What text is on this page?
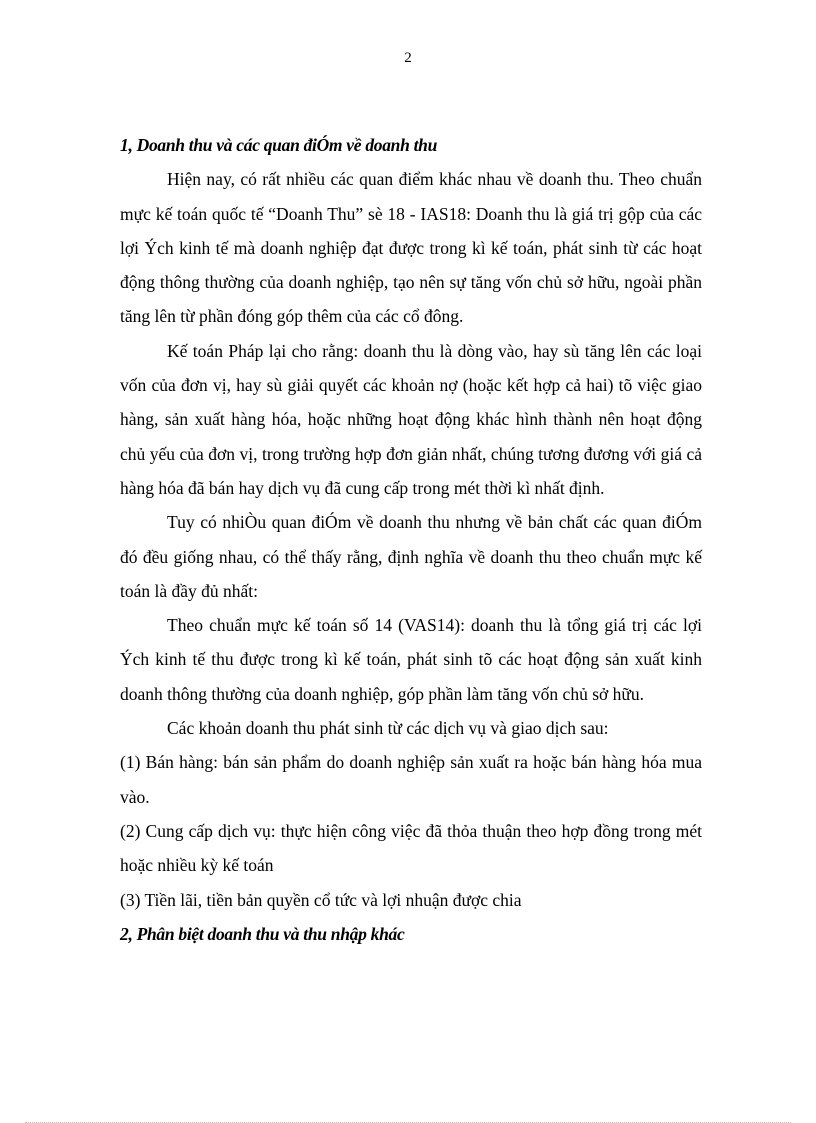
2

1, Doanh thu và các quan điÓm về doanh thu

Hiện nay, có rất nhiều các quan điểm khác nhau về doanh thu. Theo chuẩn mực kế toán quốc tế “Doanh Thu” sè 18 - IAS18: Doanh thu là giá trị gộp của các lợi Ých kinh tế mà doanh nghiệp đạt được trong kì kế toán, phát sinh từ các hoạt động thông thường của doanh nghiệp, tạo nên sự tăng vốn chủ sở hữu, ngoài phần tăng lên từ phần đóng góp thêm của các cổ đông.

Kế toán Pháp lại cho rằng: doanh thu là dòng vào, hay sù tăng lên các loại vốn của đơn vị, hay sù giải quyết các khoản nợ (hoặc kết hợp cả hai) tõ việc giao hàng, sản xuất hàng hóa, hoặc những hoạt động khác hình thành nên hoạt động chủ yếu của đơn vị, trong trường hợp đơn giản nhất, chúng tương đương với giá cả hàng hóa đã bán hay dịch vụ đã cung cấp trong mét thời kì nhất định.

Tuy có nhiÒu quan điÓm về doanh thu nhưng về bản chất các quan điÓm đó đều giống nhau, có thể thấy rằng, định nghĩa về doanh thu theo chuẩn mực kế toán là đầy đủ nhất:

Theo chuẩn mực kế toán số 14 (VAS14): doanh thu là tổng giá trị các lợi Ých kinh tế thu được trong kì kế toán, phát sinh tõ các hoạt động sản xuất kinh doanh thông thường của doanh nghiệp, góp phần làm tăng vốn chủ sở hữu.

Các khoản doanh thu phát sinh từ các dịch vụ và giao dịch sau:

(1) Bán hàng: bán sản phẩm do doanh nghiệp sản xuất ra hoặc bán hàng hóa mua vào.

(2) Cung cấp dịch vụ: thực hiện công việc đã thỏa thuận theo hợp đồng trong mét hoặc nhiều kỳ kế toán

(3) Tiền lãi, tiền bản quyền cổ tức và lợi nhuận được chia

2, Phân biệt doanh thu và thu nhập khác
